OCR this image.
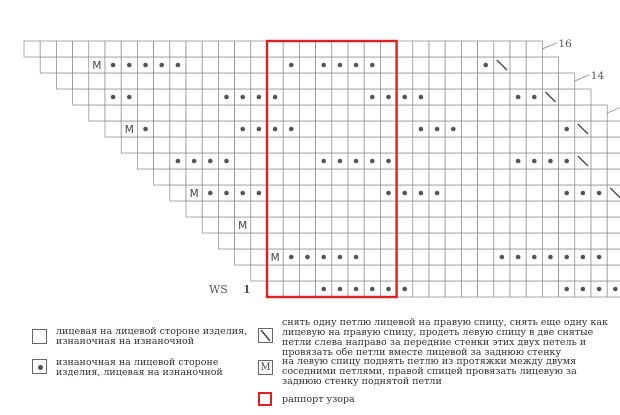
M
M
M
M
M
14
16
WS 1
лицевая на лицевой стороне изделия, изнаночная на изнаночной
изнаночная на лицевой стороне изделия, лицевая на изнаночной
снять одну петлю лицевой на правую спицу, снять еще одну как лицевую на правую спицу, продеть левую спицу в две снятые петли слева направо за передние стенки этих двух петель и провязать обе петли вместе лицевой за заднюю стенку
M
на левую спицу поднять петлю из протяжки между двумя соседними петлями, правой спицей провязать лицевую за заднюю стенку поднятой петли
раппорт узора
